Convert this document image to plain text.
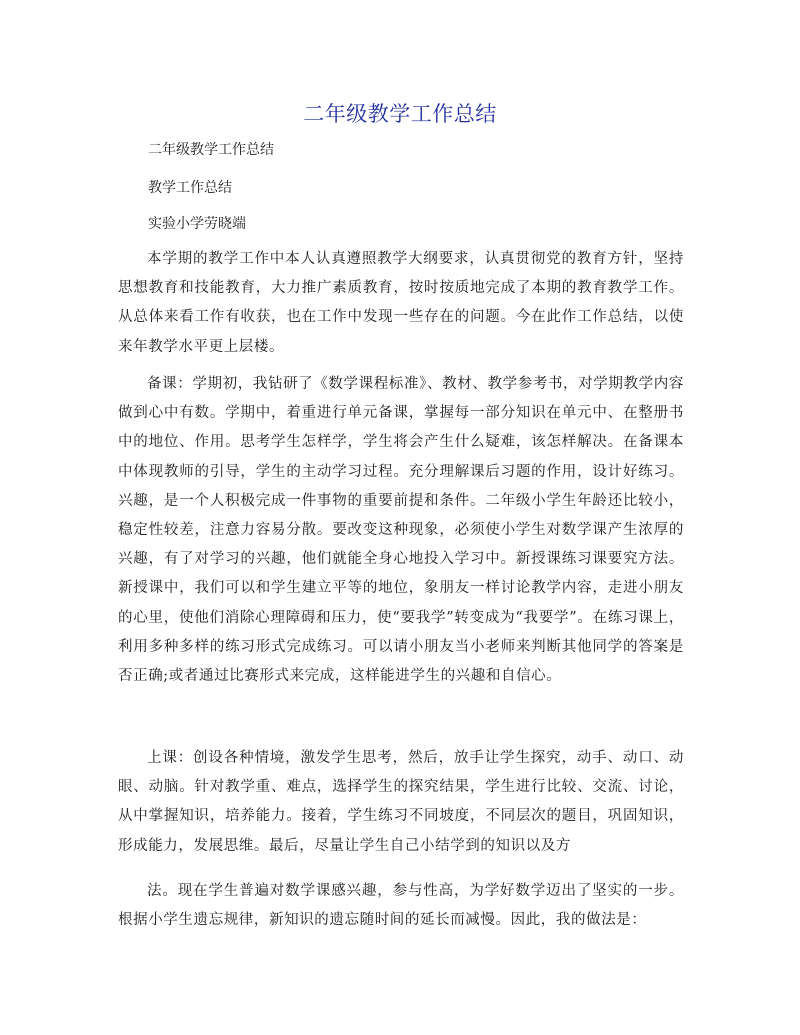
二年级教学工作总结

二年级教学工作总结

教学工作总结

实验小学劳晓端

本学期的教学工作中本人认真遵照教学大纲要求，认真贯彻党的教育方针，坚持思想教育和技能教育，大力推广素质教育，按时按质地完成了本期的教育教学工作。从总体来看工作有收获，也在工作中发现一些存在的问题。今在此作工作总结，以使来年教学水平更上层楼。

备课：学期初，我钻研了《数学课程标准》、教材、教学参考书，对学期教学内容做到心中有数。学期中，着重进行单元备课，掌握每一部分知识在单元中、在整册书中的地位、作用。思考学生怎样学，学生将会产生什么疑难，该怎样解决。在备课本中体现教师的引导，学生的主动学习过程。充分理解课后习题的作用，设计好练习。兴趣，是一个人积极完成一件事物的重要前提和条件。二年级小学生年龄还比较小，稳定性较差，注意力容易分散。要改变这种现象，必须使小学生对数学课产生浓厚的兴趣，有了对学习的兴趣，他们就能全身心地投入学习中。新授课练习课要究方法。新授课中，我们可以和学生建立平等的地位，象朋友一样讨论教学内容，走进小朋友的心里，使他们消除心理障碍和压力，使“要我学”转变成为“我要学”。在练习课上，利用多种多样的练习形式完成练习。可以请小朋友当小老师来判断其他同学的答案是否正确;或者通过比赛形式来完成，这样能进学生的兴趣和自信心。

上课：创设各种情境，激发学生思考，然后，放手让学生探究，动手、动口、动眼、动脑。针对教学重、难点，选择学生的探究结果，学生进行比较、交流、讨论，从中掌握知识，培养能力。接着，学生练习不同坡度，不同层次的题目，巩固知识，形成能力，发展思维。最后，尽量让学生自己小结学到的知识以及方

法。现在学生普遍对数学课感兴趣，参与性高，为学好数学迈出了坚实的一步。根据小学生遗忘规律，新知识的遗忘随时间的延长而减慢。因此，我的做法是：
